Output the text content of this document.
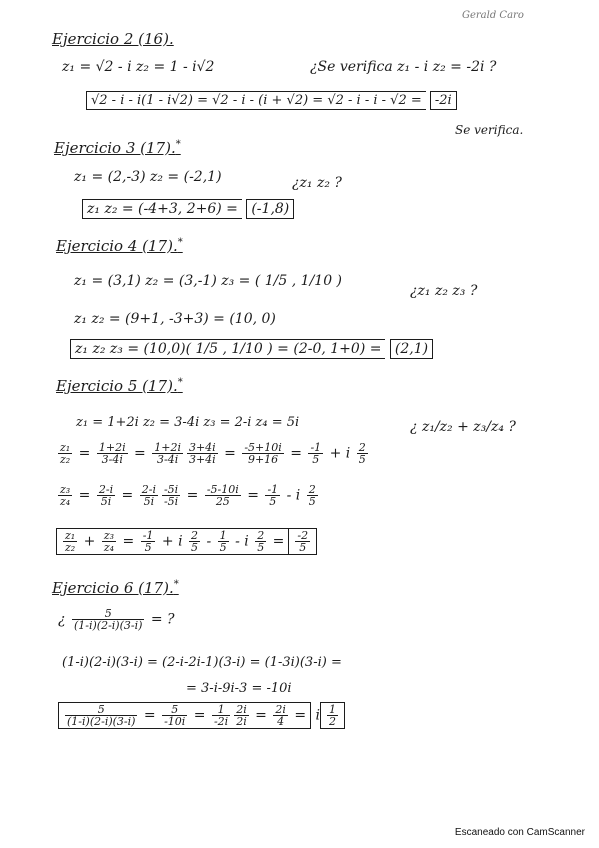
Gerald Caro
Ejercicio 2 (16).
z₁ = √2 - i z₂ = 1 - i√2	¿Se verifica z₁ - i z₂ = -2i ?
√2 - i - i(1 - i√2) = √2 - i - (i + √2) = √2 - i - i - √2 = -2i
Se verifica.
Ejercicio 3 (17).*
z₁ = (2,-3) z₂ = (-2,1)	¿z₁ z₂ ?
z₁ z₂ = (-4+3, 2+6) = (-1,8)
Ejercicio 4 (17).*
z₁ = (3,1) z₂ = (3,-1) z₃ = ( 1/5 , 1/10 )
¿z₁ z₂ z₃ ?
z₁ z₂ = (9+1, -3+3) = (10, 0)
z₁ z₂ z₃ = (10,0)( 1/5 , 1/10 ) = (2-0, 1+0) = (2,1)
Ejercicio 5 (17).*
z₁ = 1+2i z₂ = 3-4i z₃ = 2-i z₄ = 5i	¿ z₁/z₂ + z₃/z₄ ?
$\frac{\text{z₁}}{\text{z₂}} = \frac{1+2i}{3-4i} = \frac{1+2i}{3-4i} \frac{3+4i}{3+4i} = \frac{-5+10i}{9+16} = \frac{-1}{5} + i \frac{2}{5}$
$\frac{\text{z₃}}{\text{z₄}} = \frac{2-i}{5i} = \frac{2-i}{5i} \frac{-5i}{-5i} = \frac{-5-10i}{25} = \frac{-1}{5} - i \frac{2}{5}$
$\frac{\text{z₁}}{\text{z₂}} + \frac{\text{z₃}}{\text{z₄}} = \frac{-1}{5} + i \frac{2}{5} - \frac{1}{5} - i \frac{2}{5} = \frac{-2}{5}$
Ejercicio 6 (17).*
¿ $\frac{5}{(1-i)(2-i)(3-i)}$ = ?
(1-i)(2-i)(3-i) = (2-i-2i-1)(3-i) = (1-3i)(3-i) =
= 3-i-9i-3 = -10i
$\frac{5}{(1-i)(2-i)(3-i)} = \frac{5}{-10i} = \frac{1}{-2i} \frac{2i}{2i} = \frac{2i}{4} = i \frac{1}{2}$
Escaneado con CamScanner
